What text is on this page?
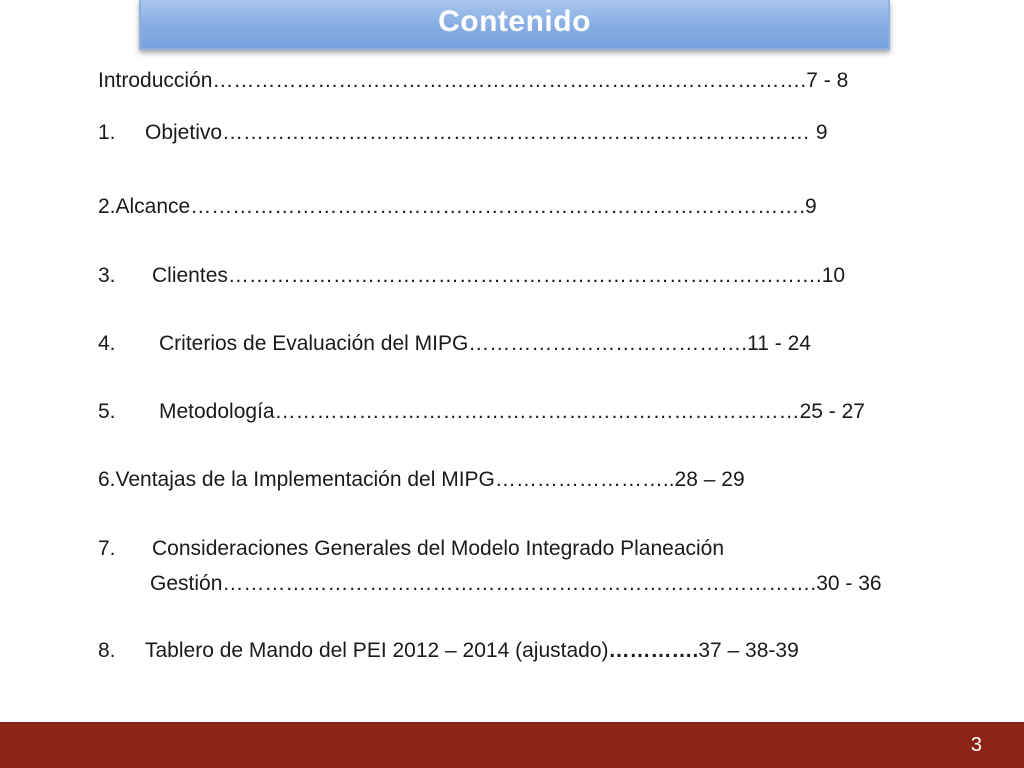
Contenido
Introducción………………………………………………………………………….7 - 8
1. Objetivo………………………………………………………………………… 9
2.Alcance…………………………………………………………………………….9
3. Clientes………………………………………………………………………….10
4. Criterios de Evaluación del MIPG………………………………….11 - 24
5. Metodología…………………………………………………………………25 - 27
6.Ventajas de la Implementación del MIPG……………………..28 – 29
7. Consideraciones Generales del Modelo Integrado Planeación
Gestión………………………………………………………………………….30 - 36
8. Tablero de Mando del PEI 2012 – 2014 (ajustado)………….37 – 38-39
3
